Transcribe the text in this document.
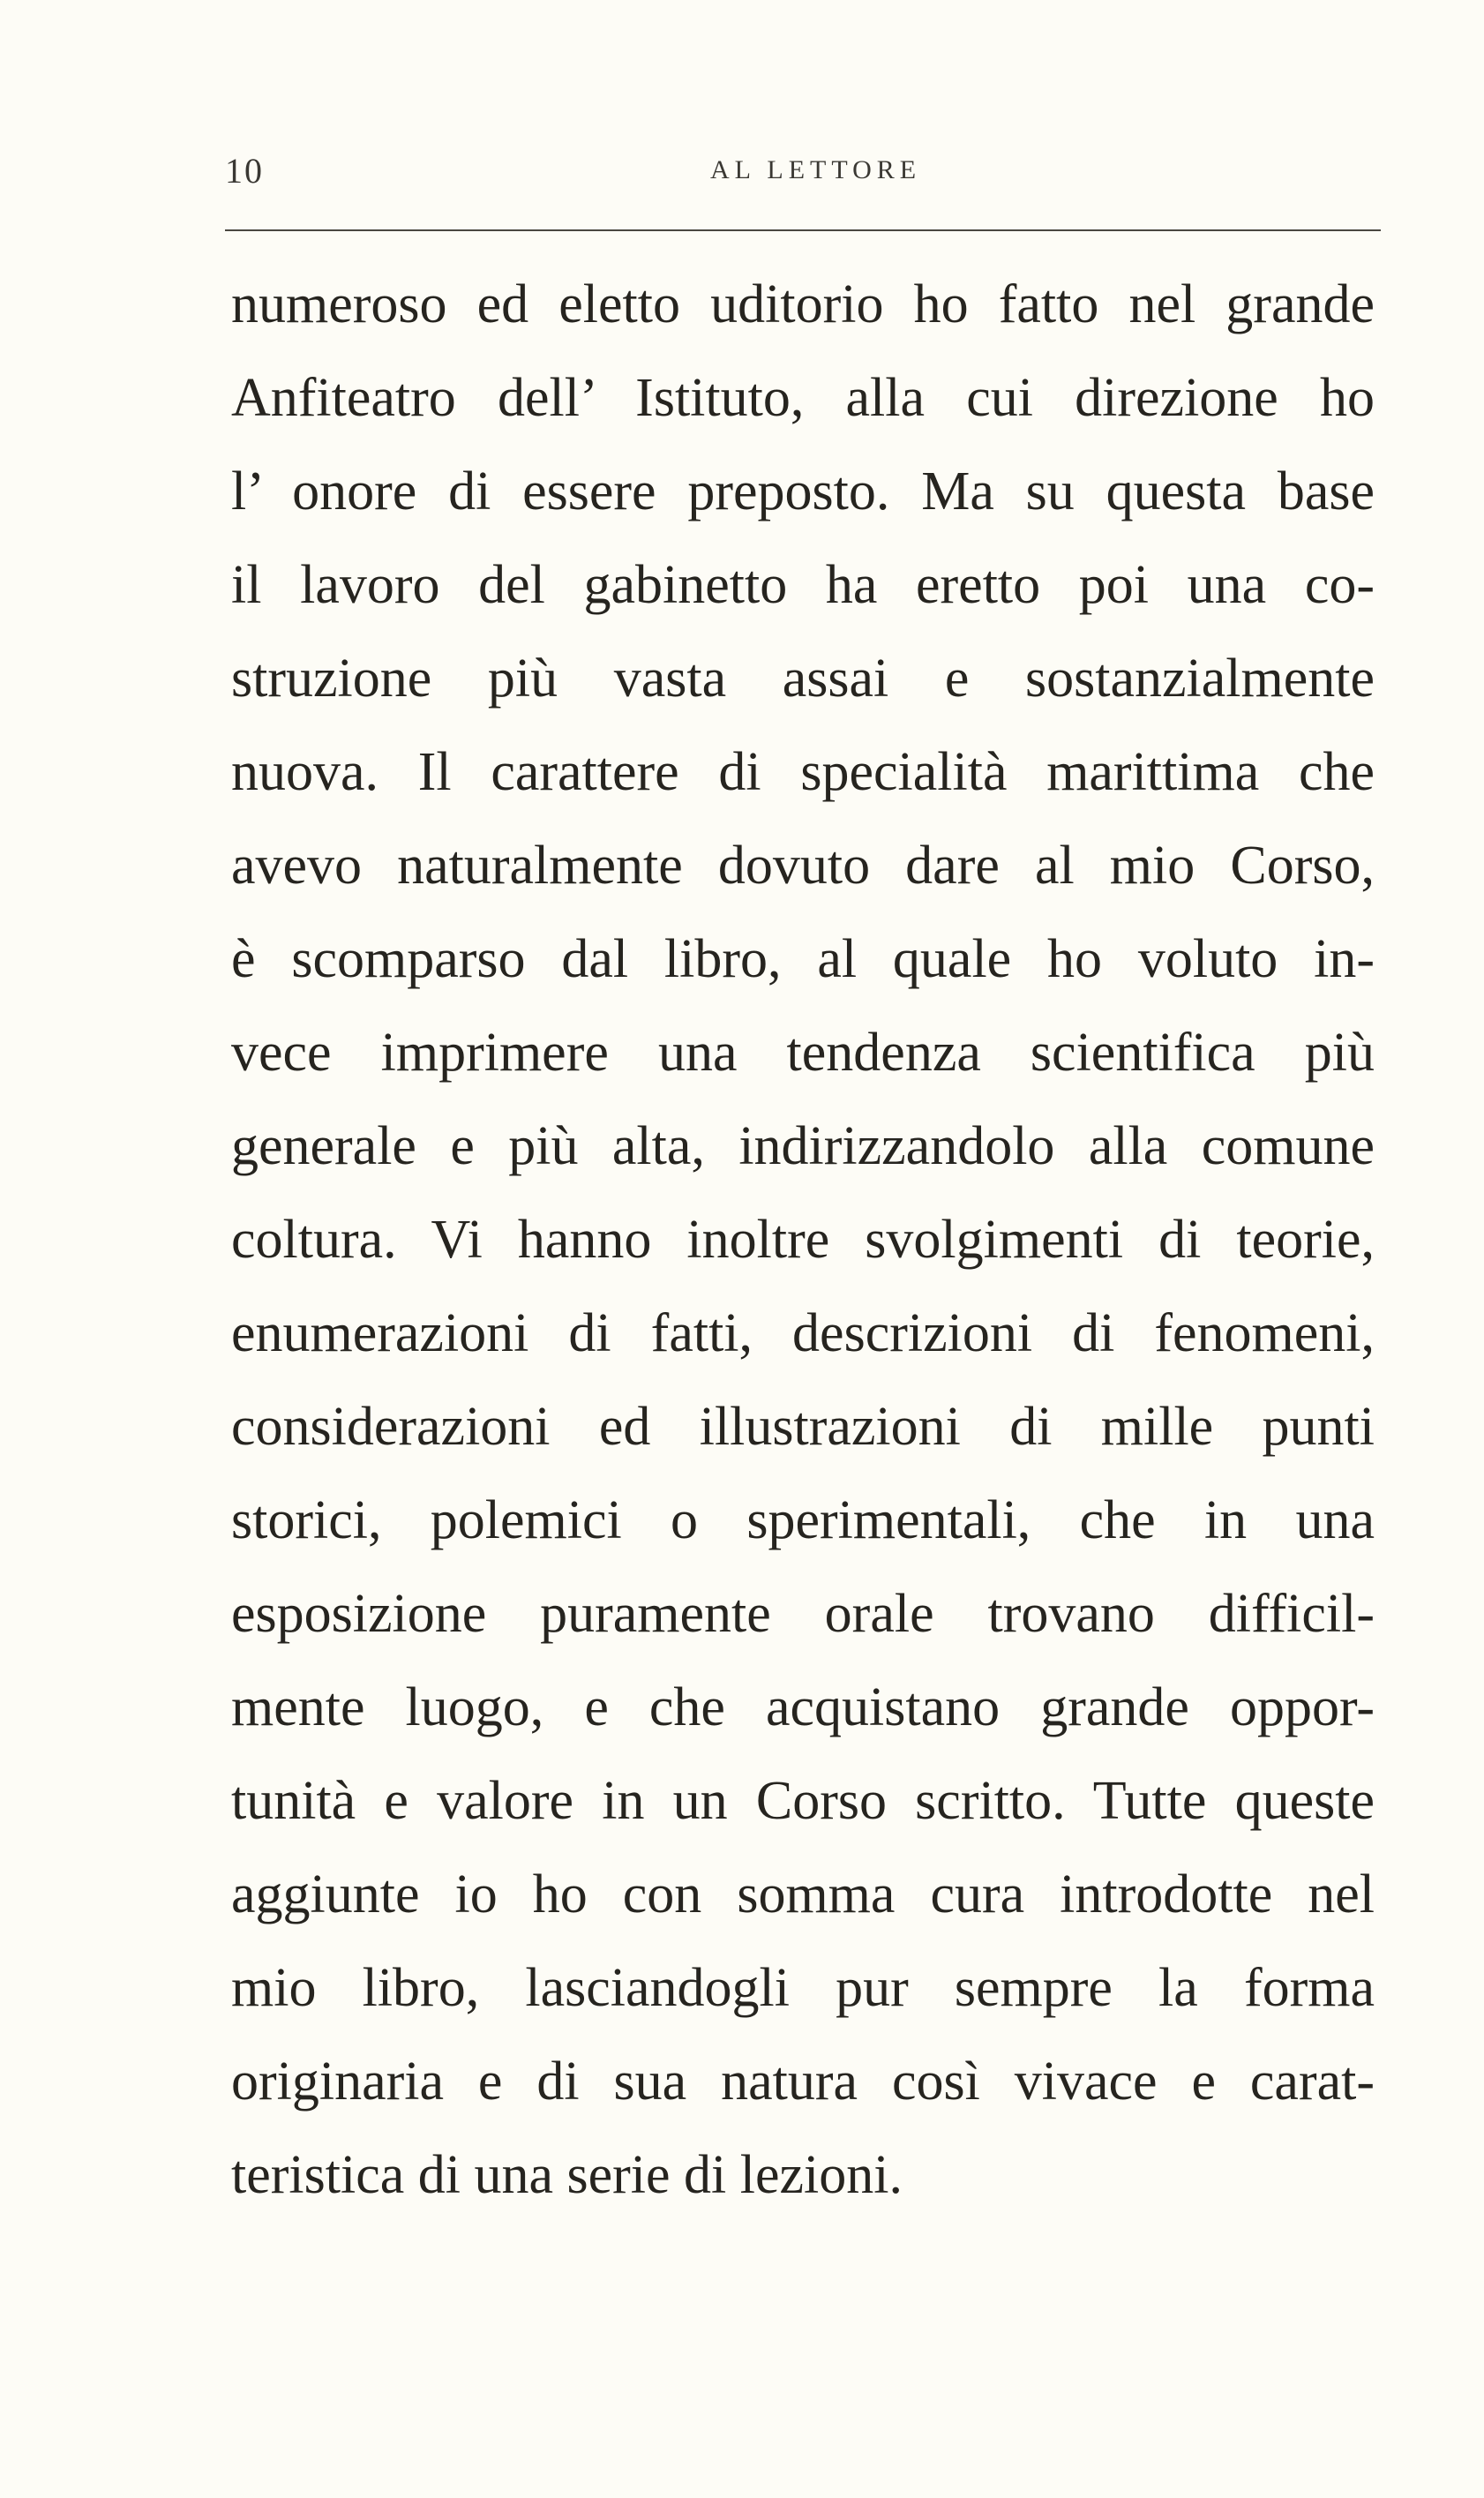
10	AL LETTORE
numeroso ed eletto uditorio ho fatto nel grande
Anfiteatro dell’ Istituto, alla cui direzione ho
l’ onore di essere preposto. Ma su questa base
il lavoro del gabinetto ha eretto poi una co-
struzione più vasta assai e sostanzialmente
nuova. Il carattere di specialità marittima che
avevo naturalmente dovuto dare al mio Corso,
è scomparso dal libro, al quale ho voluto in-
vece imprimere una tendenza scientifica più
generale e più alta, indirizzandolo alla comune
coltura. Vi hanno inoltre svolgimenti di teorie,
enumerazioni di fatti, descrizioni di fenomeni,
considerazioni ed illustrazioni di mille punti
storici, polemici o sperimentali, che in una
esposizione puramente orale trovano difficil-
mente luogo, e che acquistano grande oppor-
tunità e valore in un Corso scritto. Tutte queste
aggiunte io ho con somma cura introdotte nel
mio libro, lasciandogli pur sempre la forma
originaria e di sua natura così vivace e carat-
teristica di una serie di lezioni.
